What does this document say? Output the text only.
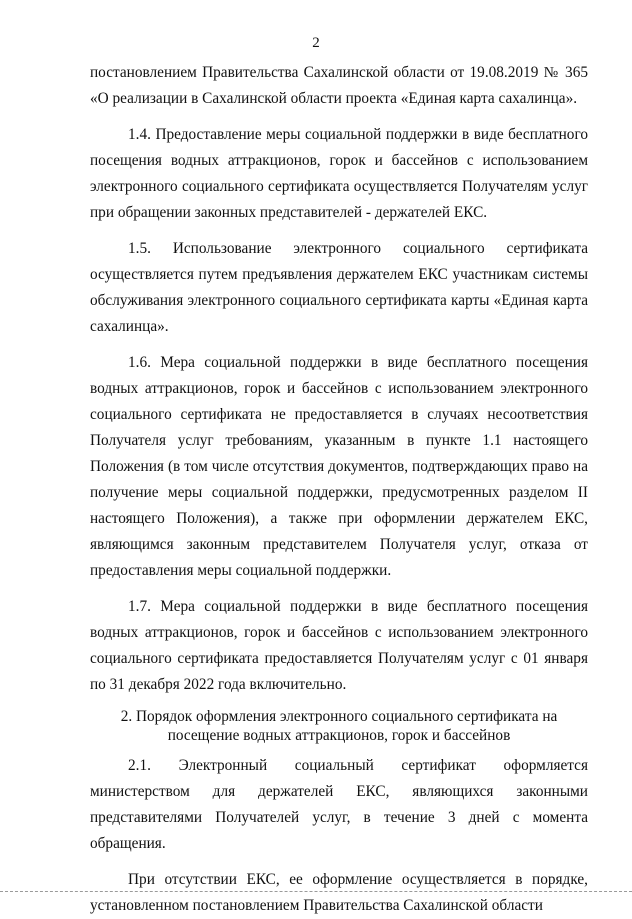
2

постановлением Правительства Сахалинской области от 19.08.2019 № 365 «О реализации в Сахалинской области проекта «Единая карта сахалинца».

1.4. Предоставление меры социальной поддержки в виде бесплатного посещения водных аттракционов, горок и бассейнов с использованием электронного социального сертификата осуществляется Получателям услуг при обращении законных представителей - держателей ЕКС.

1.5. Использование электронного социального сертификата осуществляется путем предъявления держателем ЕКС участникам системы обслуживания электронного социального сертификата карты «Единая карта сахалинца».

1.6. Мера социальной поддержки в виде бесплатного посещения водных аттракционов, горок и бассейнов с использованием электронного социального сертификата не предоставляется в случаях несоответствия Получателя услуг требованиям, указанным в пункте 1.1 настоящего Положения (в том числе отсутствия документов, подтверждающих право на получение меры социальной поддержки, предусмотренных разделом II настоящего Положения), а также при оформлении держателем ЕКС, являющимся законным представителем Получателя услуг, отказа от предоставления меры социальной поддержки.

1.7. Мера социальной поддержки в виде бесплатного посещения водных аттракционов, горок и бассейнов с использованием электронного социального сертификата предоставляется Получателям услуг с 01 января по 31 декабря 2022 года включительно.

2. Порядок оформления электронного социального сертификата на
посещение водных аттракционов, горок и бассейнов

2.1. Электронный социальный сертификат оформляется министерством для держателей ЕКС, являющихся законными представителями Получателей услуг, в течение 3 дней с момента обращения.

При отсутствии ЕКС, ее оформление осуществляется в порядке, установленном постановлением Правительства Сахалинской области
